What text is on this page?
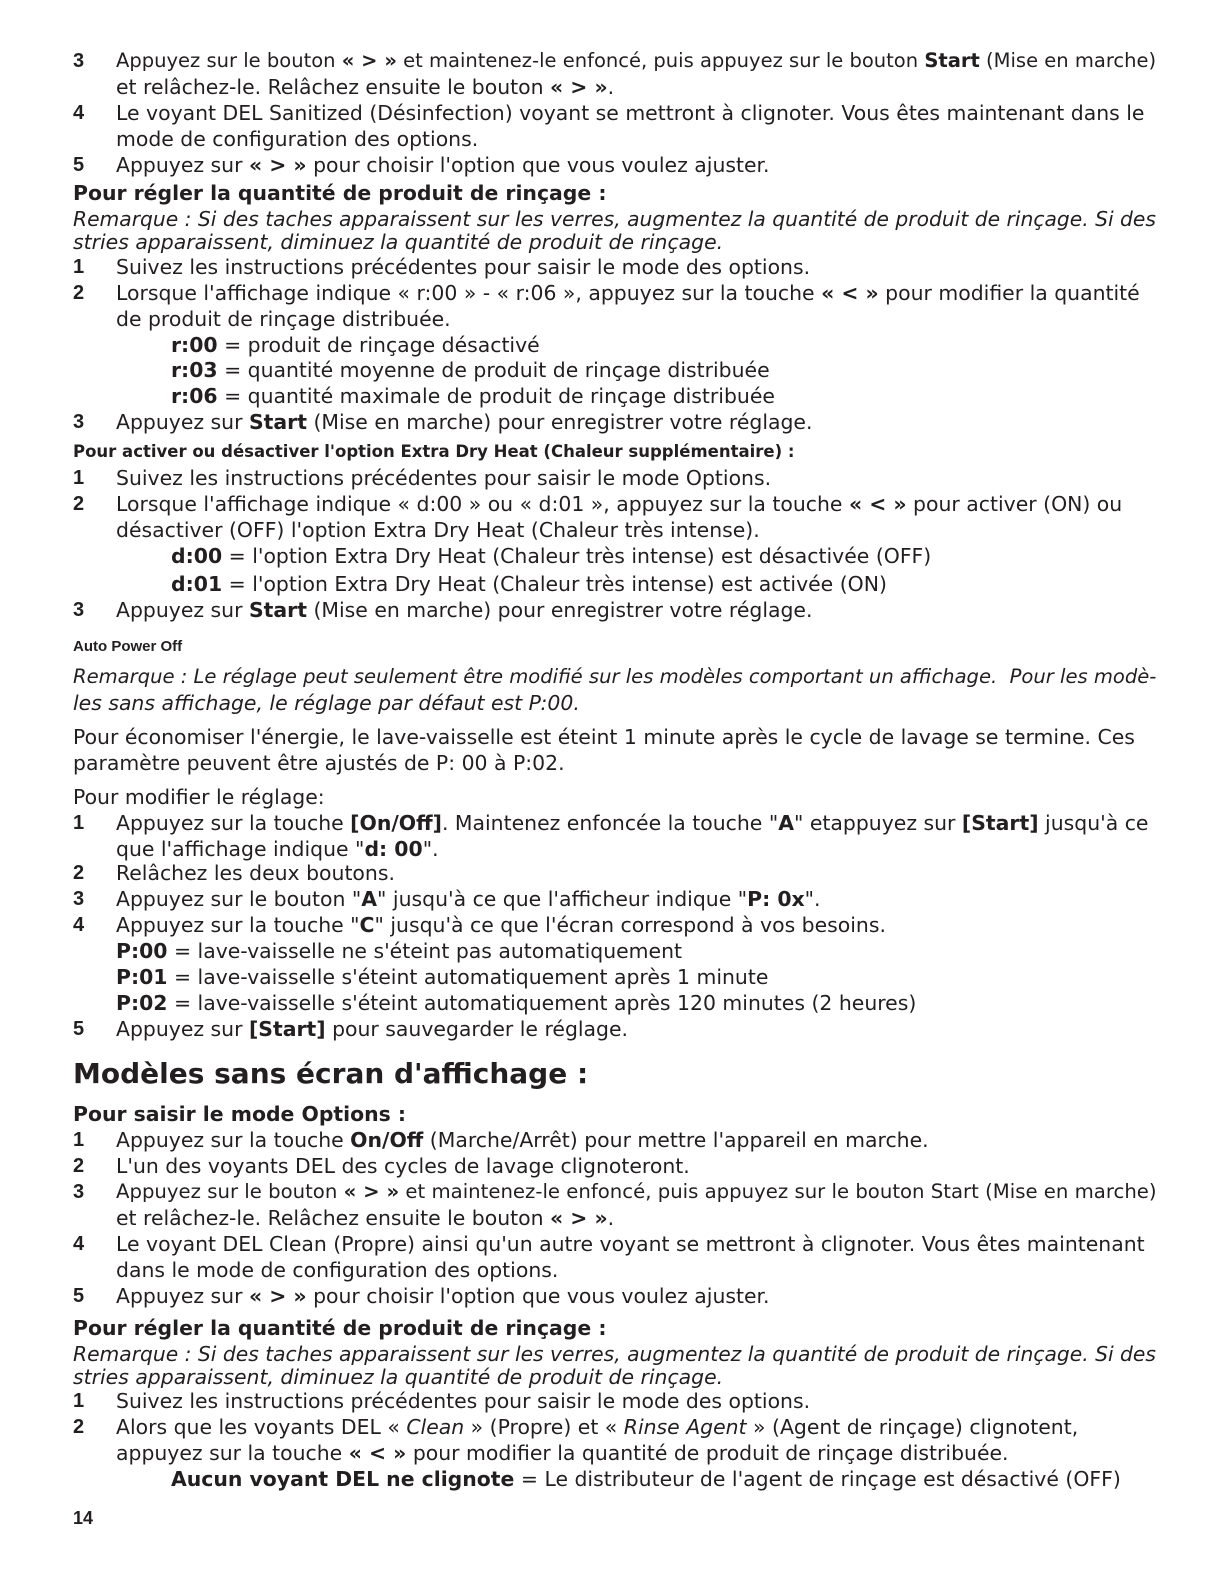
3 Appuyez sur le bouton « > » et maintenez-le enfoncé, puis appuyez sur le bouton Start (Mise en marche)
et relâchez-le. Relâchez ensuite le bouton « > ».
4 Le voyant DEL Sanitized (Désinfection) voyant se mettront à clignoter. Vous êtes maintenant dans le
mode de configuration des options.
5 Appuyez sur « > » pour choisir l'option que vous voulez ajuster.
Pour régler la quantité de produit de rinçage :
Remarque : Si des taches apparaissent sur les verres, augmentez la quantité de produit de rinçage. Si des
stries apparaissent, diminuez la quantité de produit de rinçage.
1 Suivez les instructions précédentes pour saisir le mode des options.
2 Lorsque l'affichage indique « r:00 » - « r:06 », appuyez sur la touche « < » pour modifier la quantité
de produit de rinçage distribuée.
r:00 = produit de rinçage désactivé
r:03 = quantité moyenne de produit de rinçage distribuée
r:06 = quantité maximale de produit de rinçage distribuée
3 Appuyez sur Start (Mise en marche) pour enregistrer votre réglage.
Pour activer ou désactiver l'option Extra Dry Heat (Chaleur supplémentaire) :
1 Suivez les instructions précédentes pour saisir le mode Options.
2 Lorsque l'affichage indique « d:00 » ou « d:01 », appuyez sur la touche « < » pour activer (ON) ou
désactiver (OFF) l'option Extra Dry Heat (Chaleur très intense).
d:00 = l'option Extra Dry Heat (Chaleur très intense) est désactivée (OFF)
d:01 = l'option Extra Dry Heat (Chaleur très intense) est activée (ON)
3 Appuyez sur Start (Mise en marche) pour enregistrer votre réglage.
Auto Power Off
Remarque : Le réglage peut seulement être modifié sur les modèles comportant un affichage.  Pour les modè-
les sans affichage, le réglage par défaut est P:00.
Pour économiser l'énergie, le lave-vaisselle est éteint 1 minute après le cycle de lavage se termine. Ces
paramètre peuvent être ajustés de P: 00 à P:02.
Pour modifier le réglage:
1 Appuyez sur la touche [On/Off]. Maintenez enfoncée la touche "A" etappuyez sur [Start] jusqu'à ce
que l'affichage indique "d: 00".
2 Relâchez les deux boutons.
3 Appuyez sur le bouton "A" jusqu'à ce que l'afficheur indique "P: 0x".
4 Appuyez sur la touche "C" jusqu'à ce que l'écran correspond à vos besoins.
P:00 = lave-vaisselle ne s'éteint pas automatiquement
P:01 = lave-vaisselle s'éteint automatiquement après 1 minute
P:02 = lave-vaisselle s'éteint automatiquement après 120 minutes (2 heures)
5 Appuyez sur [Start] pour sauvegarder le réglage.
Modèles sans écran d'affichage :
Pour saisir le mode Options :
1 Appuyez sur la touche On/Off (Marche/Arrêt) pour mettre l'appareil en marche.
2 L'un des voyants DEL des cycles de lavage clignoteront.
3 Appuyez sur le bouton « > » et maintenez-le enfoncé, puis appuyez sur le bouton Start (Mise en marche)
et relâchez-le. Relâchez ensuite le bouton « > ».
4 Le voyant DEL Clean (Propre) ainsi qu'un autre voyant se mettront à clignoter. Vous êtes maintenant
dans le mode de configuration des options.
5 Appuyez sur « > » pour choisir l'option que vous voulez ajuster.
Pour régler la quantité de produit de rinçage :
Remarque : Si des taches apparaissent sur les verres, augmentez la quantité de produit de rinçage. Si des
stries apparaissent, diminuez la quantité de produit de rinçage.
1 Suivez les instructions précédentes pour saisir le mode des options.
2 Alors que les voyants DEL « Clean » (Propre) et « Rinse Agent » (Agent de rinçage) clignotent,
appuyez sur la touche « < » pour modifier la quantité de produit de rinçage distribuée.
Aucun voyant DEL ne clignote = Le distributeur de l'agent de rinçage est désactivé (OFF)
14
